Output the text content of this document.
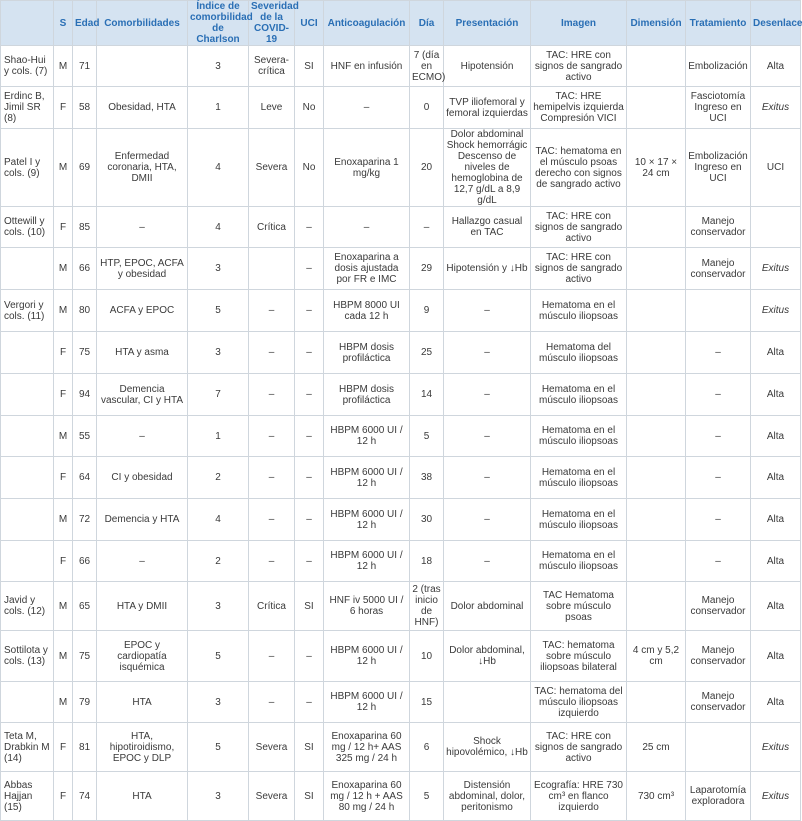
	S	Edad	Comorbilidades	Índice de comorbilidad de Charlson	Severidad de la COVID-19	UCI	Anticoagulación	Día	Presentación	Imagen	Dimensión	Tratamiento	Desenlace
Shao-Hui y cols. (7)	M	71		3	Severa-crítica	SI	HNF en infusión	7 (día en ECMO)	Hipotensión	TAC: HRE con signos de sangrado activo		Embolización	Alta
Erdinc B, Jimil SR (8)	F	58	Obesidad, HTA	1	Leve	No	–	0	TVP iliofemoral y femoral izquierdas	TAC: HRE hemipelvis izquierda Compresión VICI		Fasciotomía Ingreso en UCI	Exitus
Patel I y cols. (9)	M	69	Enfermedad coronaria, HTA, DMII	4	Severa	No	Enoxaparina 1 mg/kg	20	Dolor abdominal Shock hemorrágic Descenso de niveles de hemoglobina de 12,7 g/dL a 8,9 g/dL	TAC: hematoma en el músculo psoas derecho con signos de sangrado activo	10 × 17 × 24 cm	Embolización Ingreso en UCI	UCI
Ottewill y cols. (10)	F	85	–	4	Crítica	–	–	–	Hallazgo casual en TAC	TAC: HRE con signos de sangrado activo		Manejo conservador	
	M	66	HTP, EPOC, ACFA y obesidad	3		–	Enoxaparina a dosis ajustada por FR e IMC	29	Hipotensión y ↓Hb	TAC: HRE con signos de sangrado activo		Manejo conservador	Exitus
Vergori y cols. (11)	M	80	ACFA y EPOC	5	–	–	HBPM 8000 UI cada 12 h	9	–	Hematoma en el músculo iliopsoas			Exitus
	F	75	HTA y asma	3	–	–	HBPM dosis profiláctica	25	–	Hematoma del músculo iliopsoas		–	Alta
	F	94	Demencia vascular, CI y HTA	7	–	–	HBPM dosis profiláctica	14	–	Hematoma en el músculo iliopsoas		–	Alta
	M	55	–	1	–	–	HBPM 6000 UI / 12 h	5	–	Hematoma en el músculo iliopsoas		–	Alta
	F	64	CI y obesidad	2	–	–	HBPM 6000 UI / 12 h	38	–	Hematoma en el músculo iliopsoas		–	Alta
	M	72	Demencia y HTA	4	–	–	HBPM 6000 UI / 12 h	30	–	Hematoma en el músculo iliopsoas		–	Alta
	F	66	–	2	–	–	HBPM 6000 UI / 12 h	18	–	Hematoma en el músculo iliopsoas		–	Alta
Javid y cols. (12)	M	65	HTA y DMII	3	Crítica	SI	HNF iv 5000 UI / 6 horas	2 (tras inicio de HNF)	Dolor abdominal	TAC Hematoma sobre músculo psoas		Manejo conservador	Alta
Sottilota y cols. (13)	M	75	EPOC y cardiopatía isquémica	5	–	–	HBPM 6000 UI / 12 h	10	Dolor abdominal, ↓Hb	TAC: hematoma sobre músculo iliopsoas bilateral	4 cm y 5,2 cm	Manejo conservador	Alta
	M	79	HTA	3	–	–	HBPM 6000 UI / 12 h	15		TAC: hematoma del músculo iliopsoas izquierdo		Manejo conservador	Alta
Teta M, Drabkin M (14)	F	81	HTA, hipotiroidismo, EPOC y DLP	5	Severa	SI	Enoxaparina 60 mg / 12 h+ AAS 325 mg / 24 h	6	Shock hipovolémico, ↓Hb	TAC: HRE con signos de sangrado activo	25 cm		Exitus
Abbas Hajjan (15)	F	74	HTA	3	Severa	SI	Enoxaparina 60 mg / 12 h + AAS 80 mg / 24 h	5	Distensión abdominal, dolor, peritonismo	Ecografía: HRE 730 cm³ en flanco izquierdo	730 cm³	Laparotomía exploradora	Exitus
